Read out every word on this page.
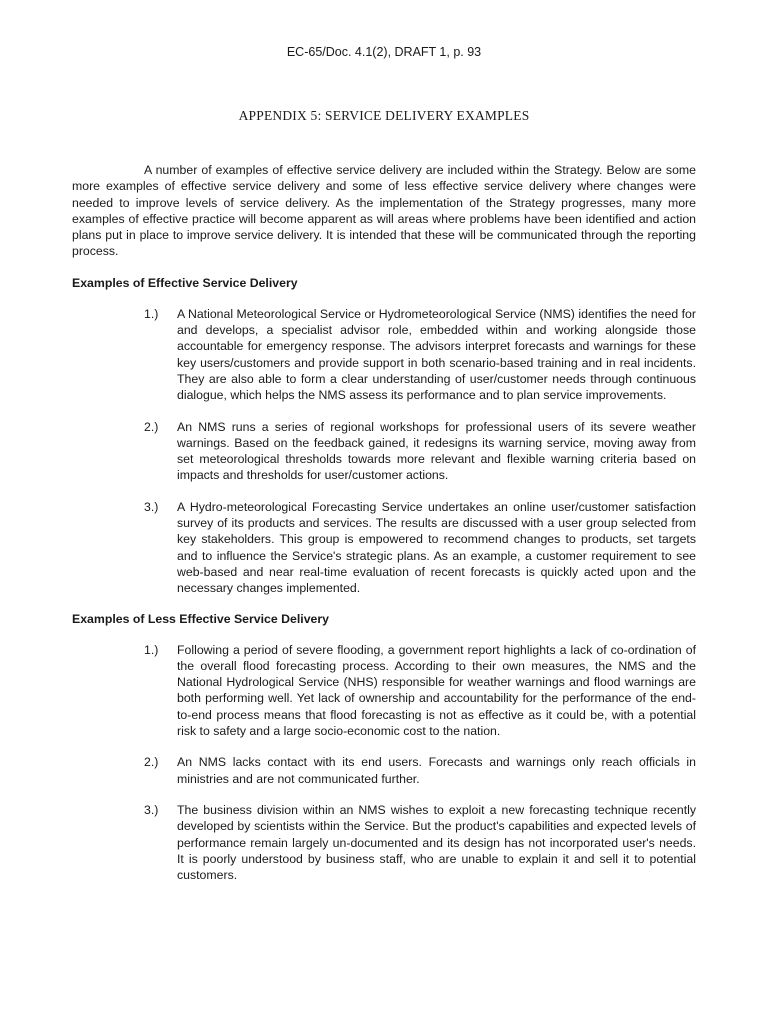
EC-65/Doc. 4.1(2), DRAFT 1, p. 93
APPENDIX 5: SERVICE DELIVERY EXAMPLES

A number of examples of effective service delivery are included within the Strategy. Below are some more examples of effective service delivery and some of less effective service delivery where changes were needed to improve levels of service delivery. As the implementation of the Strategy progresses, many more examples of effective practice will become apparent as will areas where problems have been identified and action plans put in place to improve service delivery. It is intended that these will be communicated through the reporting process.

Examples of Effective Service Delivery
1.) A National Meteorological Service or Hydrometeorological Service (NMS) identifies the need for and develops, a specialist advisor role, embedded within and working alongside those accountable for emergency response. The advisors interpret forecasts and warnings for these key users/customers and provide support in both scenario-based training and in real incidents. They are also able to form a clear understanding of user/customer needs through continuous dialogue, which helps the NMS assess its performance and to plan service improvements.

2.) An NMS runs a series of regional workshops for professional users of its severe weather warnings. Based on the feedback gained, it redesigns its warning service, moving away from set meteorological thresholds towards more relevant and flexible warning criteria based on impacts and thresholds for user/customer actions.

3.) A Hydro-meteorological Forecasting Service undertakes an online user/customer satisfaction survey of its products and services. The results are discussed with a user group selected from key stakeholders. This group is empowered to recommend changes to products, set targets and to influence the Service's strategic plans. As an example, a customer requirement to see web-based and near real-time evaluation of recent forecasts is quickly acted upon and the necessary changes implemented.

Examples of Less Effective Service Delivery
1.) Following a period of severe flooding, a government report highlights a lack of co-ordination of the overall flood forecasting process. According to their own measures, the NMS and the National Hydrological Service (NHS) responsible for weather warnings and flood warnings are both performing well. Yet lack of ownership and accountability for the performance of the end-to-end process means that flood forecasting is not as effective as it could be, with a potential risk to safety and a large socio-economic cost to the nation.

2.) An NMS lacks contact with its end users. Forecasts and warnings only reach officials in ministries and are not communicated further.

3.) The business division within an NMS wishes to exploit a new forecasting technique recently developed by scientists within the Service. But the product's capabilities and expected levels of performance remain largely un-documented and its design has not incorporated user's needs. It is poorly understood by business staff, who are unable to explain it and sell it to potential customers.
